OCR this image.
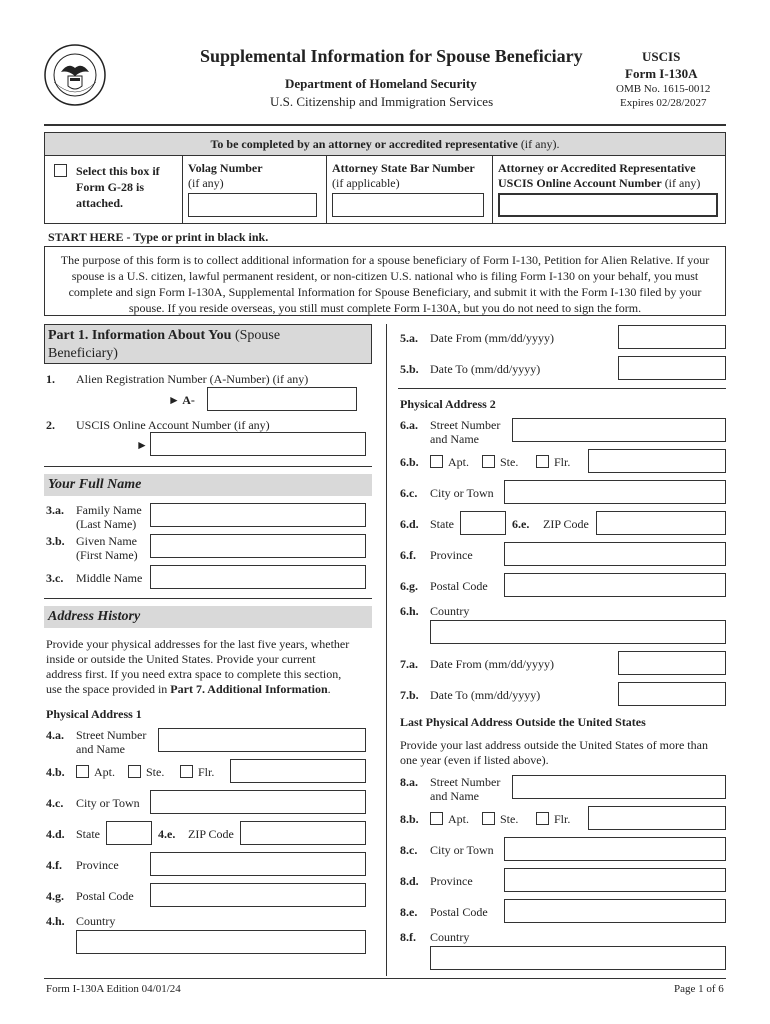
Supplemental Information for Spouse Beneficiary
Department of Homeland Security
U.S. Citizenship and Immigration Services
USCIS
Form I-130A
OMB No. 1615-0012
Expires 02/28/2027
To be completed by an attorney or accredited representative (if any).
Select this box if
Form G-28 is
attached.
Volag Number
(if any)
Attorney State Bar Number
(if applicable)
Attorney or Accredited Representative
USCIS Online Account Number (if any)
START HERE - Type or print in black ink.
The purpose of this form is to collect additional information for a spouse beneficiary of Form I-130, Petition for Alien Relative. If your spouse is a U.S. citizen, lawful permanent resident, or non-citizen U.S. national who is filing Form I-130 on your behalf, you must complete and sign Form I-130A, Supplemental Information for Spouse Beneficiary, and submit it with the Form I-130 filed by your spouse. If you reside overseas, you still must complete Form I-130A, but you do not need to sign the form.
Part 1. Information About You (Spouse
Beneficiary)
1. Alien Registration Number (A-Number) (if any)
► A-
2. USCIS Online Account Number (if any)
►
Your Full Name
3.a. Family Name
(Last Name)
3.b. Given Name
(First Name)
3.c. Middle Name
Address History
Provide your physical addresses for the last five years, whether
inside or outside the United States. Provide your current
address first. If you need extra space to complete this section,
use the space provided in Part 7. Additional Information.
Physical Address 1
4.a. Street Number
and Name
4.b. Apt.	Ste.	Flr.
4.c. City or Town
4.d. State	4.e. ZIP Code
4.f. Province
4.g. Postal Code
4.h. Country
5.a. Date From (mm/dd/yyyy)
5.b. Date To (mm/dd/yyyy)
Physical Address 2
6.a. Street Number
and Name
6.b. Apt.	Ste.	Flr.
6.c. City or Town
6.d. State	6.e. ZIP Code
6.f. Province
6.g. Postal Code
6.h. Country
7.a. Date From (mm/dd/yyyy)
7.b. Date To (mm/dd/yyyy)
Last Physical Address Outside the United States
Provide your last address outside the United States of more than
one year (even if listed above).
8.a. Street Number
and Name
8.b. Apt.	Ste.	Flr.
8.c. City or Town
8.d. Province
8.e. Postal Code
8.f. Country
Form I-130A Edition 04/01/24	Page 1 of 6
